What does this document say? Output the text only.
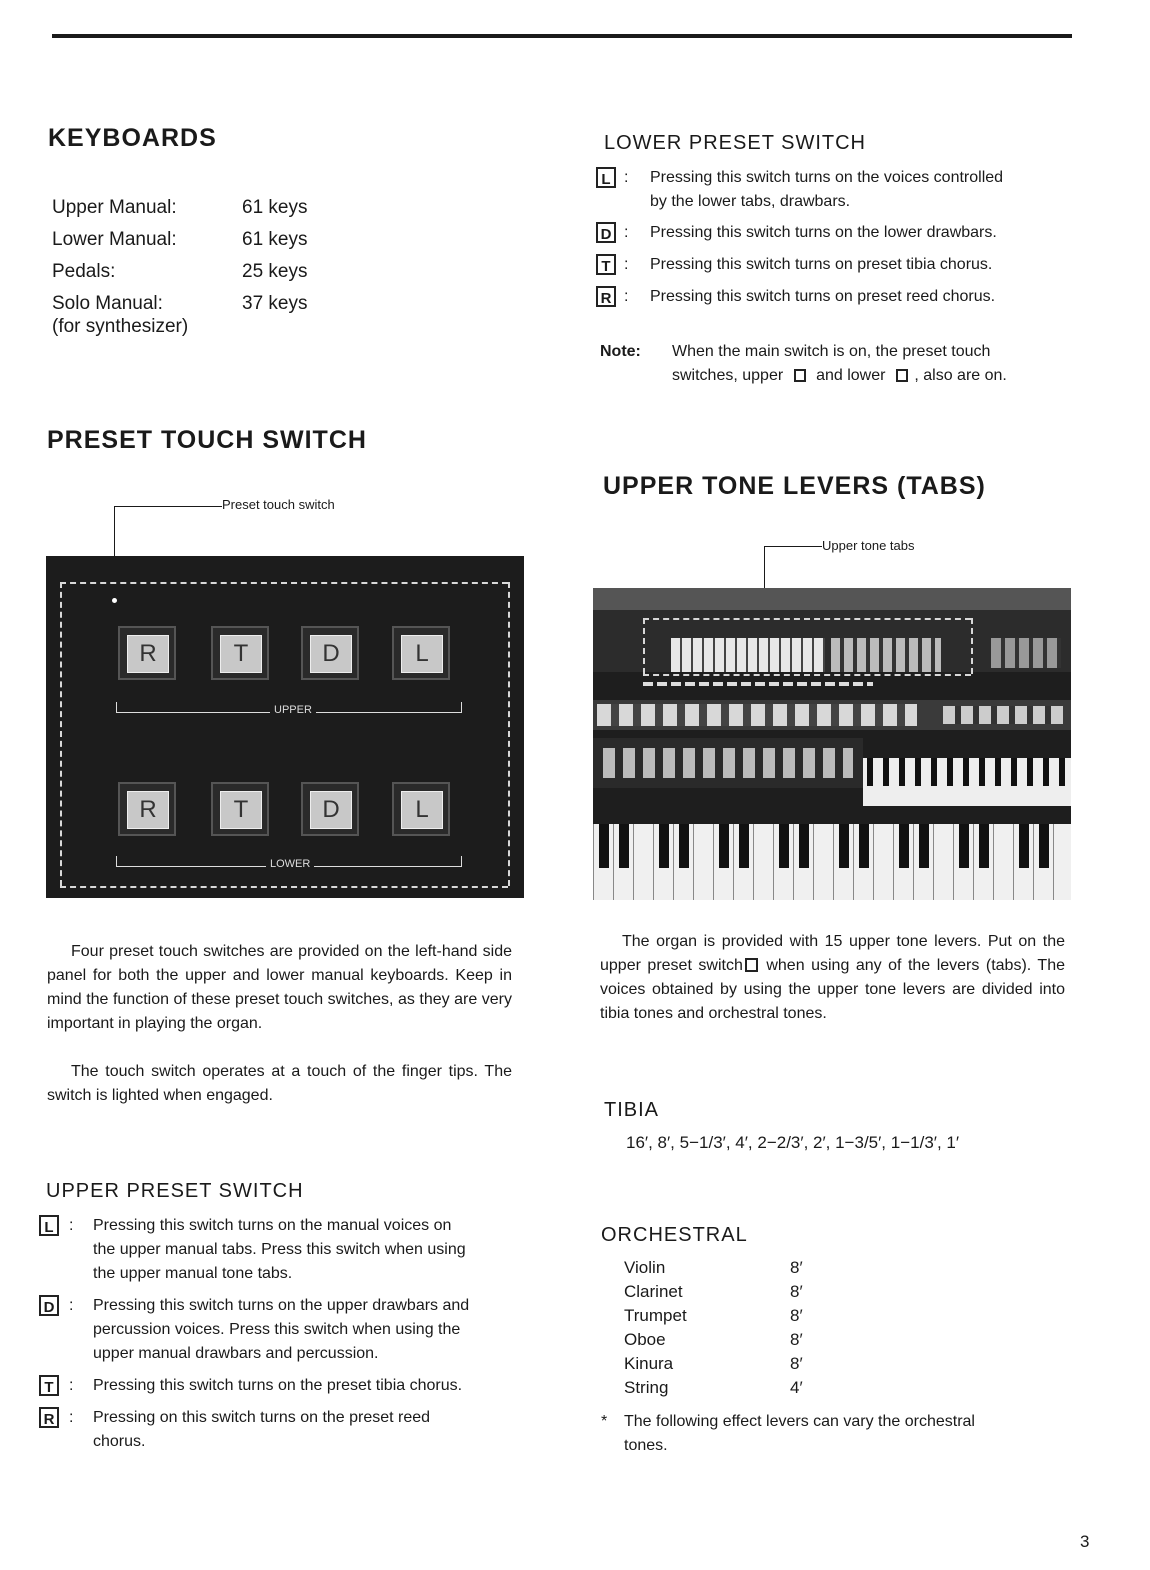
KEYBOARDS
Upper Manual:	61 keys
Lower Manual:	61 keys
Pedals:	25 keys
Solo Manual:	37 keys
(for synthesizer)
LOWER PRESET SWITCH
L : Pressing this switch turns on the voices controlled
by the lower tabs, drawbars.
D : Pressing this switch turns on the lower drawbars.
T : Pressing this switch turns on preset tibia chorus.
R : Pressing this switch turns on preset reed chorus.
Note: When the main switch is on, the preset touch
switches, upper and lower , also are on.
PRESET TOUCH SWITCH
Preset touch switch
R	T	D	L
UPPER
R	T	D	L
LOWER
Four preset touch switches are provided on the left-hand side panel for both the upper and lower manual keyboards. Keep in mind the function of these preset touch switches, as they are very important in playing the organ.
The touch switch operates at a touch of the finger tips. The switch is lighted when engaged.
UPPER PRESET SWITCH
L : Pressing this switch turns on the manual voices on
the upper manual tabs. Press this switch when using
the upper manual tone tabs.
D : Pressing this switch turns on the upper drawbars and
percussion voices. Press this switch when using the
upper manual drawbars and percussion.
T : Pressing this switch turns on the preset tibia chorus.
R : Pressing on this switch turns on the preset reed
chorus.
UPPER TONE LEVERS (TABS)
Upper tone tabs
The organ is provided with 15 upper tone levers. Put on the upper preset switch when using any of the levers (tabs). The voices obtained by using the upper tone levers are divided into tibia tones and orchestral tones.
TIBIA
16′, 8′, 5−1/3′, 4′, 2−2/3′, 2′, 1−3/5′, 1−1/3′, 1′
ORCHESTRAL
Violin	8′
Clarinet	8′
Trumpet	8′
Oboe	8′
Kinura	8′
String	4′
* The following effect levers can vary the orchestral
tones.
3
